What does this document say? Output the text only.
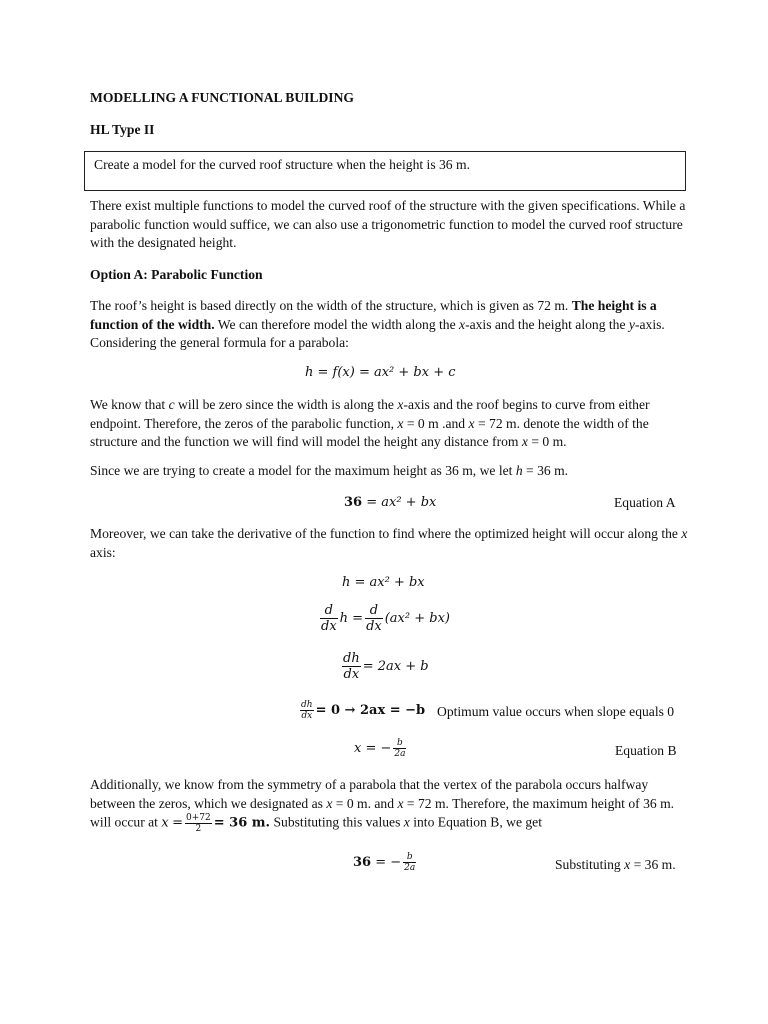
MODELLING A FUNCTIONAL BUILDING
HL Type II
Create a model for the curved roof structure when the height is 36 m.
There exist multiple functions to model the curved roof of the structure with the given specifications. While a parabolic function would suffice, we can also use a trigonometric function to model the curved roof structure with the designated height.
Option A: Parabolic Function
The roof’s height is based directly on the width of the structure, which is given as 72 m. The height is a function of the width. We can therefore model the width along the x-axis and the height along the y-axis. Considering the general formula for a parabola:
h = f(x) = ax² + bx + c
We know that c will be zero since the width is along the x-axis and the roof begins to curve from either endpoint. Therefore, the zeros of the parabolic function, x = 0 m .and x = 72 m. denote the width of the structure and the function we will find will model the height any distance from x = 0 m.
Since we are trying to create a model for the maximum height as 36 m, we let h = 36 m.
36 = ax² + bx	Equation A
Moreover, we can take the derivative of the function to find where the optimized height will occur along the x axis:
h = ax² + bx
$\frac{d}{dx}$ $h = \frac{d}{dx} (ax^2 + bx)$
$\frac{dh}{dx} = 2ax + b$
$\frac{dh}{dx} = 0 \to 2ax = -b$ Optimum value occurs when slope equals 0
x = − $\frac{b}{2a}$	Equation B
Additionally, we know from the symmetry of a parabola that the vertex of the parabola occurs halfway between the zeros, which we designated as x = 0 m. and x = 72 m. Therefore, the maximum height of 36 m. will occur at $x = \frac{0+72}{2} = 36$ m. Substituting this values x into Equation B, we get
36 = − $\frac{b}{2a}$	Substituting x = 36 m.
